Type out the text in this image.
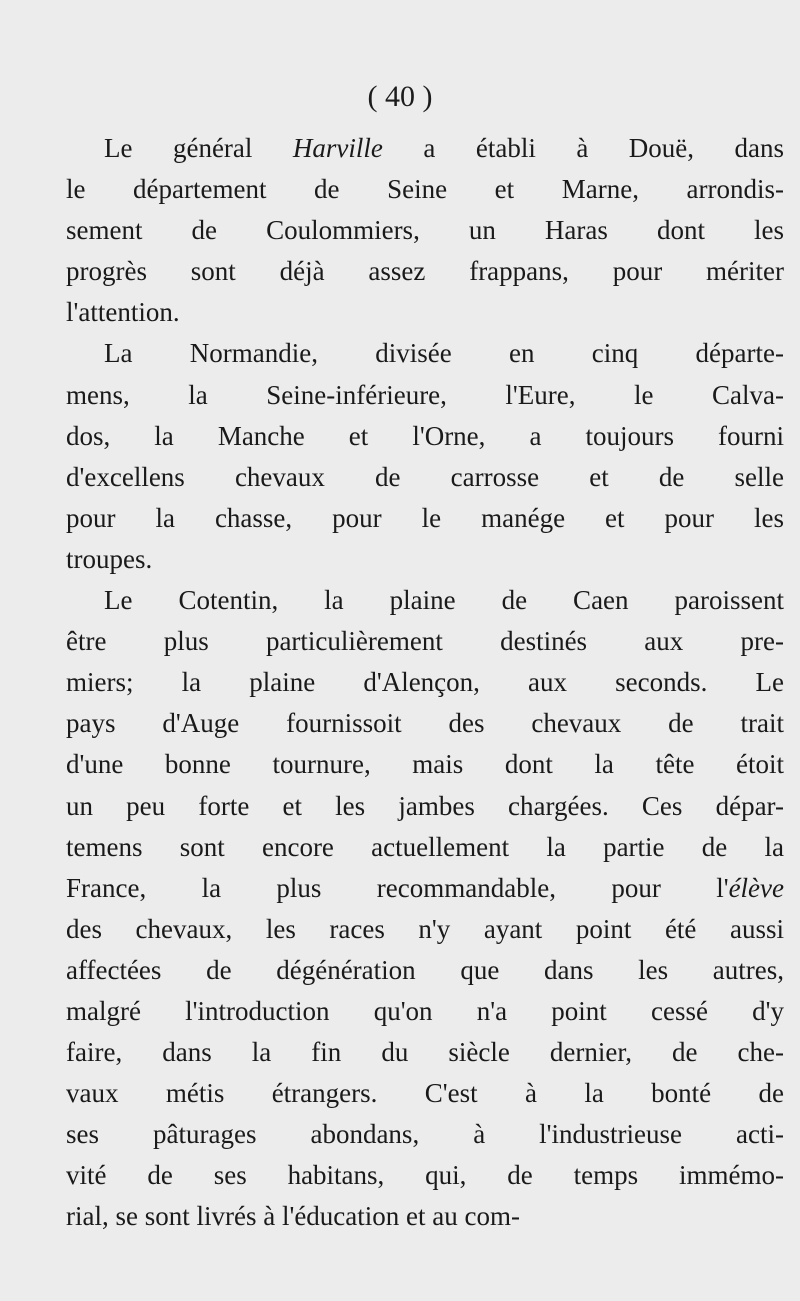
( 40 )
Le général Harville a établi à Douë, dans
le département de Seine et Marne, arrondis-
sement de Coulommiers, un Haras dont les
progrès sont déjà assez frappans, pour mériter
l'attention.
La Normandie, divisée en cinq départe-
mens, la Seine-inférieure, l'Eure, le Calva-
dos, la Manche et l'Orne, a toujours fourni
d'excellens chevaux de carrosse et de selle
pour la chasse, pour le manége et pour les
troupes.
Le Cotentin, la plaine de Caen paroissent
être plus particulièrement destinés aux pre-
miers; la plaine d'Alençon, aux seconds. Le
pays d'Auge fournissoit des chevaux de trait
d'une bonne tournure, mais dont la tête étoit
un peu forte et les jambes chargées. Ces dépar-
temens sont encore actuellement la partie de la
France, la plus recommandable, pour l'élève
des chevaux, les races n'y ayant point été aussi
affectées de dégénération que dans les autres,
malgré l'introduction qu'on n'a point cessé d'y
faire, dans la fin du siècle dernier, de che-
vaux métis étrangers. C'est à la bonté de
ses pâturages abondans, à l'industrieuse acti-
vité de ses habitans, qui, de temps immémo-
rial, se sont livrés à l'éducation et au com-
